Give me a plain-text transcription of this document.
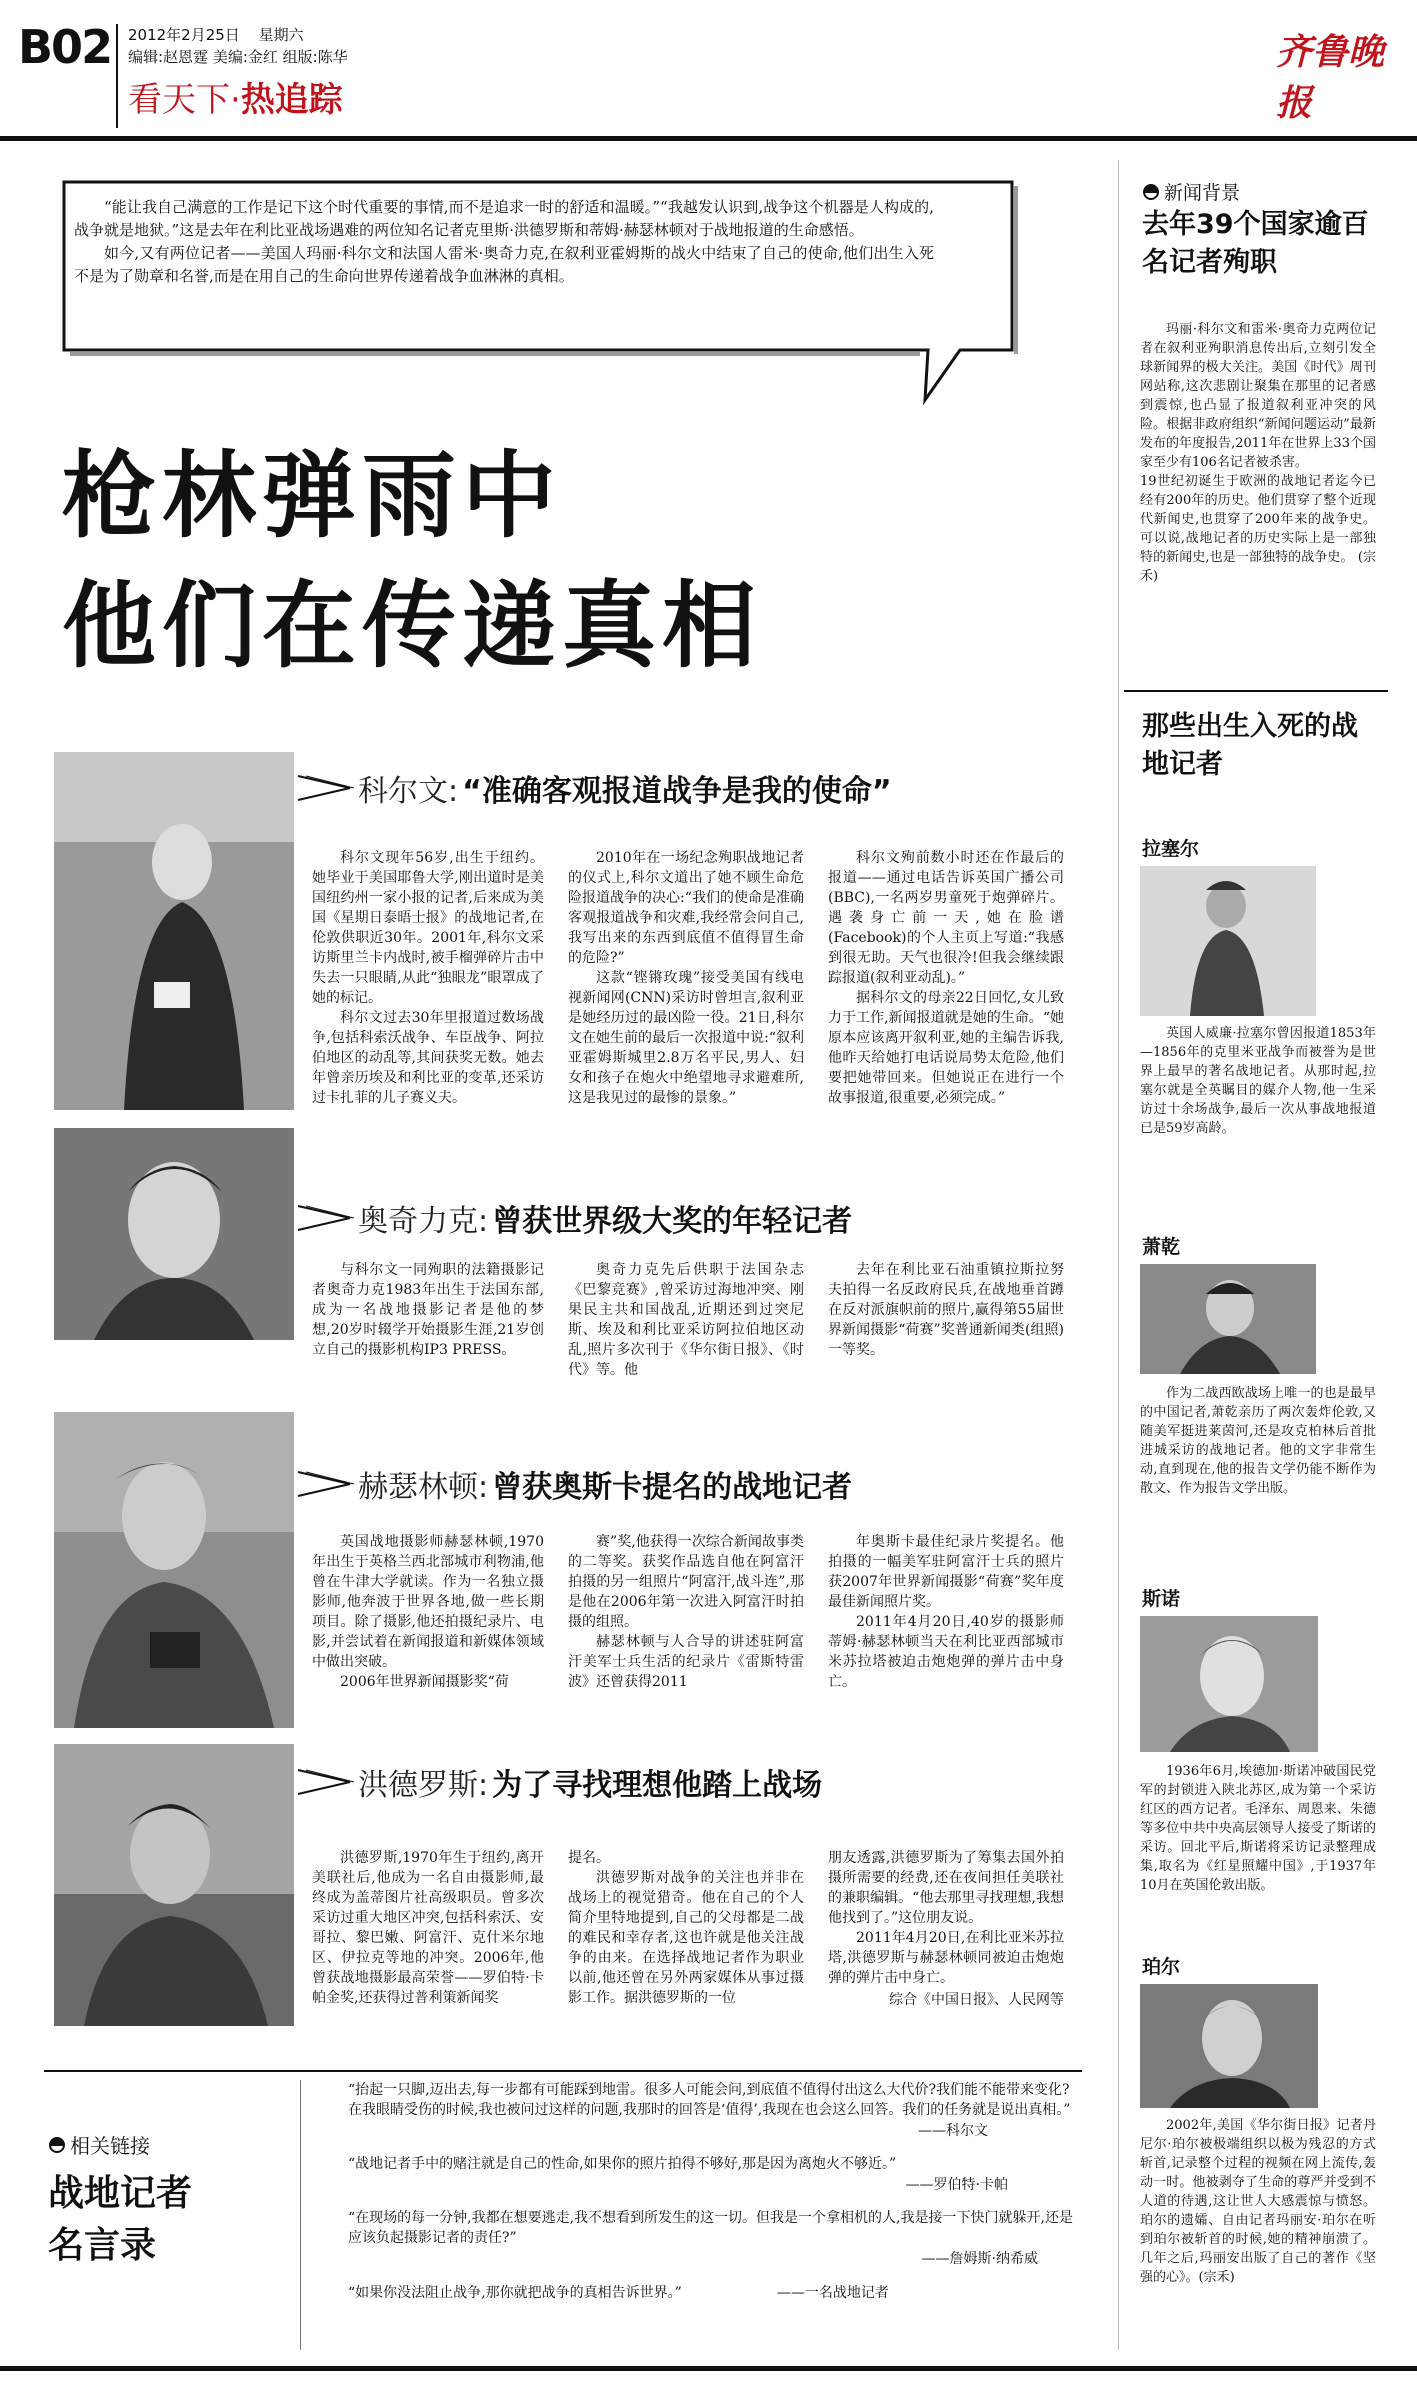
B02 2012年2月25日 星期六
编辑:赵恩霆 美编:金红 组版:陈华
看天下·热追踪
齐鲁晚报

“能让我自己满意的工作是记下这个时代重要的事情,而不是追求一时的舒适和温暖。”“我越发认识到,战争这个机器是人构成的,战争就是地狱。”这是去年在利比亚战场遇难的两位知名记者克里斯·洪德罗斯和蒂姆·赫瑟林顿对于战地报道的生命感悟。

如今,又有两位记者——美国人玛丽·科尔文和法国人雷米·奥奇力克,在叙利亚霍姆斯的战火中结束了自己的使命,他们出生入死不是为了勋章和名誉,而是在用自己的生命向世界传递着战争血淋淋的真相。

枪林弹雨中
他们在传递真相
科尔文: “准确客观报道战争是我的使命”

科尔文现年56岁,出生于纽约。她毕业于美国耶鲁大学,刚出道时是美国纽约州一家小报的记者,后来成为美国《星期日泰晤士报》的战地记者,在伦敦供职近30年。2001年,科尔文采访斯里兰卡内战时,被手榴弹碎片击中失去一只眼睛,从此“独眼龙”眼罩成了她的标记。

科尔文过去30年里报道过数场战争,包括科索沃战争、车臣战争、阿拉伯地区的动乱等,其间获奖无数。她去年曾亲历埃及和利比亚的变革,还采访过卡扎菲的儿子赛义夫。

2010年在一场纪念殉职战地记者的仪式上,科尔文道出了她不顾生命危险报道战争的决心:“我们的使命是准确客观报道战争和灾难,我经常会问自己,我写出来的东西到底值不值得冒生命的危险?”

这款“铿锵玫瑰”接受美国有线电视新闻网(CNN)采访时曾坦言,叙利亚是她经历过的最凶险一役。21日,科尔文在她生前的最后一次报道中说:“叙利亚霍姆斯城里2.8万名平民,男人、妇女和孩子在炮火中绝望地寻求避难所,这是我见过的最惨的景象。”

科尔文殉前数小时还在作最后的报道——通过电话告诉英国广播公司(BBC),一名两岁男童死于炮弹碎片。遇袭身亡前一天,她在脸谱(Facebook)的个人主页上写道:“我感到很无助。天气也很冷!但我会继续跟踪报道(叙利亚动乱)。”

据科尔文的母亲22日回忆,女儿致力于工作,新闻报道就是她的生命。“她原本应该离开叙利亚,她的主编告诉我,他昨天给她打电话说局势太危险,他们要把她带回来。但她说正在进行一个故事报道,很重要,必须完成。”

奥奇力克: 曾获世界级大奖的年轻记者

与科尔文一同殉职的法籍摄影记者奥奇力克1983年出生于法国东部,成为一名战地摄影记者是他的梦想,20岁时辍学开始摄影生涯,21岁创立自己的摄影机构IP3 PRESS。

奥奇力克先后供职于法国杂志《巴黎竞赛》,曾采访过海地冲突、刚果民主共和国战乱,近期还到过突尼斯、埃及和利比亚采访阿拉伯地区动乱,照片多次刊于《华尔街日报》、《时代》等。他

去年在利比亚石油重镇拉斯拉努夫拍得一名反政府民兵,在战地垂首蹲在反对派旗帜前的照片,赢得第55届世界新闻摄影“荷赛”奖普通新闻类(组照)一等奖。

赫瑟林顿: 曾获奥斯卡提名的战地记者

英国战地摄影师赫瑟林顿,1970年出生于英格兰西北部城市利物浦,他曾在牛津大学就读。作为一名独立摄影师,他奔波于世界各地,做一些长期项目。除了摄影,他还拍摄纪录片、电影,并尝试着在新闻报道和新媒体领域中做出突破。

2006年世界新闻摄影奖“荷

赛”奖,他获得一次综合新闻故事类的二等奖。获奖作品选自他在阿富汗拍摄的另一组照片“阿富汗,战斗连”,那是他在2006年第一次进入阿富汗时拍摄的组照。

赫瑟林顿与人合导的讲述驻阿富汗美军士兵生活的纪录片《雷斯特雷波》还曾获得2011

年奥斯卡最佳纪录片奖提名。他拍摄的一幅美军驻阿富汗士兵的照片获2007年世界新闻摄影“荷赛”奖年度最佳新闻照片奖。

2011年4月20日,40岁的摄影师蒂姆·赫瑟林顿当天在利比亚西部城市米苏拉塔被迫击炮炮弹的弹片击中身亡。

洪德罗斯: 为了寻找理想他踏上战场

洪德罗斯,1970年生于纽约,离开美联社后,他成为一名自由摄影师,最终成为盖蒂图片社高级职员。曾多次采访过重大地区冲突,包括科索沃、安哥拉、黎巴嫩、阿富汗、克什米尔地区、伊拉克等地的冲突。2006年,他曾获战地摄影最高荣誉——罗伯特·卡帕金奖,还获得过普利策新闻奖

提名。

洪德罗斯对战争的关注也并非在战场上的视觉猎奇。他在自己的个人简介里特地提到,自己的父母都是二战的难民和幸存者,这也许就是他关注战争的由来。在选择战地记者作为职业以前,他还曾在另外两家媒体从事过摄影工作。据洪德罗斯的一位

朋友透露,洪德罗斯为了筹集去国外拍摄所需要的经费,还在夜间担任美联社的兼职编辑。“他去那里寻找理想,我想他找到了。”这位朋友说。

2011年4月20日,在利比亚米苏拉塔,洪德罗斯与赫瑟林顿同被迫击炮炮弹的弹片击中身亡。

综合《中国日报》、人民网等
相关链接
战地记者
名言录
“抬起一只脚,迈出去,每一步都有可能踩到地雷。很多人可能会问,到底值不值得付出这么大代价?我们能不能带来变化?在我眼睛受伤的时候,我也被问过这样的问题,我那时的回答是‘值得’,我现在也会这么回答。我们的任务就是说出真相。”
——科尔文
“战地记者手中的赌注就是自己的性命,如果你的照片拍得不够好,那是因为离炮火不够近。”
——罗伯特·卡帕
“在现场的每一分钟,我都在想要逃走,我不想看到所发生的这一切。但我是一个拿相机的人,我是接一下快门就躲开,还是应该负起摄影记者的责任?”
——詹姆斯·纳希威
“如果你没法阻止战争,那你就把战争的真相告诉世界。”	——一名战地记者
新闻背景
去年39个国家逾百名记者殉职

玛丽·科尔文和雷米·奥奇力克两位记者在叙利亚殉职消息传出后,立刻引发全球新闻界的极大关注。美国《时代》周刊网站称,这次悲剧让聚集在那里的记者感到震惊,也凸显了报道叙利亚冲突的风险。根据非政府组织“新闻问题运动”最新发布的年度报告,2011年在世界上33个国家至少有106名记者被杀害。

19世纪初诞生于欧洲的战地记者迄今已经有200年的历史。他们贯穿了整个近现代新闻史,也贯穿了200年来的战争史。可以说,战地记者的历史实际上是一部独特的新闻史,也是一部独特的战争史。 (宗禾)
那些出生入死的战地记者
拉塞尔
英国人威廉·拉塞尔曾因报道1853年—1856年的克里米亚战争而被誉为是世界上最早的著名战地记者。从那时起,拉塞尔就是全英瞩目的媒介人物,他一生采访过十余场战争,最后一次从事战地报道已是59岁高龄。
萧乾
作为二战西欧战场上唯一的也是最早的中国记者,萧乾亲历了两次轰炸伦敦,又随美军挺进莱茵河,还是攻克柏林后首批进城采访的战地记者。他的文字非常生动,直到现在,他的报告文学仍能不断作为散文、作为报告文学出版。
斯诺
1936年6月,埃德加·斯诺冲破国民党军的封锁进入陕北苏区,成为第一个采访红区的西方记者。毛泽东、周恩来、朱德等多位中共中央高层领导人接受了斯诺的采访。回北平后,斯诺将采访记录整理成集,取名为《红星照耀中国》,于1937年10月在英国伦敦出版。
珀尔
2002年,美国《华尔街日报》记者丹尼尔·珀尔被极端组织以极为残忍的方式斩首,记录整个过程的视频在网上流传,轰动一时。他被剥夺了生命的尊严并受到不人道的待遇,这让世人大感震惊与愤怒。珀尔的遗孀、自由记者玛丽安·珀尔在听到珀尔被斩首的时候,她的精神崩溃了。几年之后,玛丽安出版了自己的著作《坚强的心》。(宗禾)
